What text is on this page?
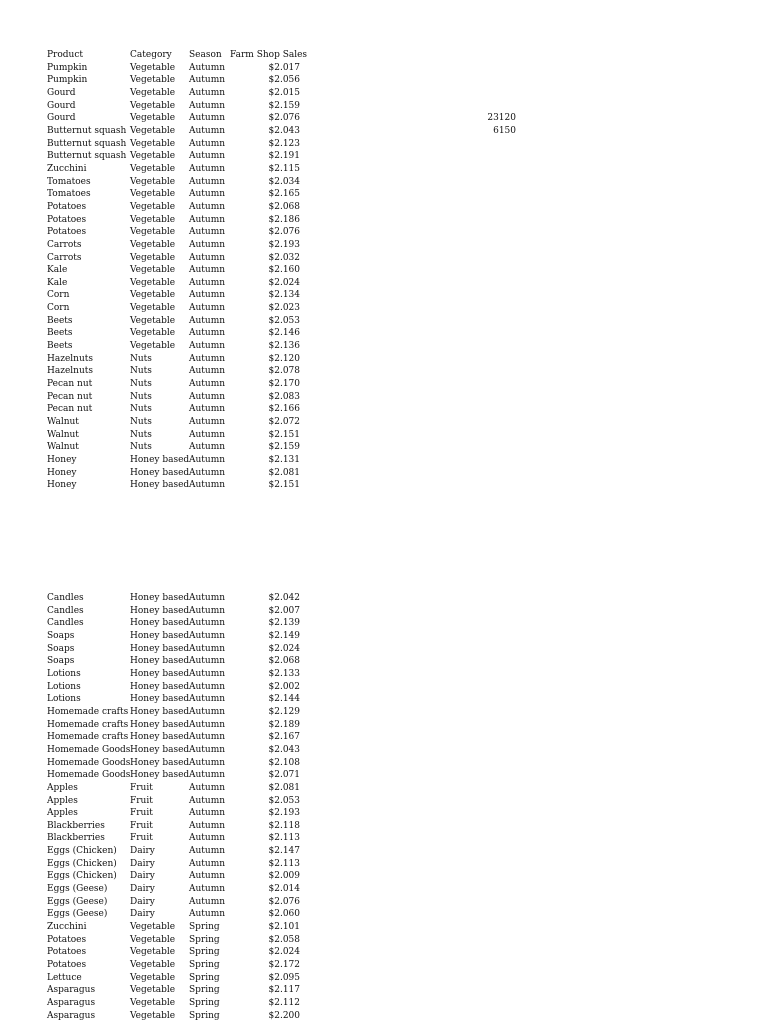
Product	Category Season Farm Shop Sales
Pumpkin	Vegetable Autumn	$2.017
Pumpkin	Vegetable Autumn	$2.056
Gourd	Vegetable Autumn	$2.015
Gourd	Vegetable Autumn	$2.159
Gourd	Vegetable Autumn	$2.076
Butternut squash Vegetable Autumn	$2.043
Butternut squash Vegetable Autumn	$2.123
Butternut squash Vegetable Autumn	$2.191
Zucchini	Vegetable Autumn	$2.115
Tomatoes	Vegetable Autumn	$2.034
Tomatoes	Vegetable Autumn	$2.165
Potatoes	Vegetable Autumn	$2.068
Potatoes	Vegetable Autumn	$2.186
Potatoes	Vegetable Autumn	$2.076
Carrots	Vegetable Autumn	$2.193
Carrots	Vegetable Autumn	$2.032
Kale	Vegetable Autumn	$2.160
Kale	Vegetable Autumn	$2.024
Corn	Vegetable Autumn	$2.134
Corn	Vegetable Autumn	$2.023
Beets	Vegetable Autumn	$2.053
Beets	Vegetable Autumn	$2.146
Beets	Vegetable Autumn	$2.136
Hazelnuts	Nuts	Autumn	$2.120
Hazelnuts	Nuts	Autumn	$2.078
Pecan nut	Nuts	Autumn	$2.170
Pecan nut	Nuts	Autumn	$2.083
Pecan nut	Nuts	Autumn	$2.166
Walnut	Nuts	Autumn	$2.072
Walnut	Nuts	Autumn	$2.151
Walnut	Nuts	Autumn	$2.159
Honey	Honey based Autumn	$2.131
Honey	Honey based Autumn	$2.081
Honey	Honey based Autumn	$2.151
23120
6150
Candles	Honey based Autumn	$2.042
Candles	Honey based Autumn	$2.007
Candles	Honey based Autumn	$2.139
Soaps	Honey based Autumn	$2.149
Soaps	Honey based Autumn	$2.024
Soaps	Honey based Autumn	$2.068
Lotions	Honey based Autumn	$2.133
Lotions	Honey based Autumn	$2.002
Lotions	Honey based Autumn	$2.144
Homemade crafts Honey based Autumn	$2.129
Homemade crafts Honey based Autumn	$2.189
Homemade crafts Honey based Autumn	$2.167
Homemade Goods Honey based Autumn	$2.043
Homemade Goods Honey based Autumn	$2.108
Homemade Goods Honey based Autumn	$2.071
Apples	Fruit	Autumn	$2.081
Apples	Fruit	Autumn	$2.053
Apples	Fruit	Autumn	$2.193
Blackberries	Fruit	Autumn	$2.118
Blackberries	Fruit	Autumn	$2.113
Eggs (Chicken) Dairy	Autumn	$2.147
Eggs (Chicken) Dairy	Autumn	$2.113
Eggs (Chicken) Dairy	Autumn	$2.009
Eggs (Geese)	Dairy	Autumn	$2.014
Eggs (Geese)	Dairy	Autumn	$2.076
Eggs (Geese)	Dairy	Autumn	$2.060
Zucchini	Vegetable Spring	$2.101
Potatoes	Vegetable Spring	$2.058
Potatoes	Vegetable Spring	$2.024
Potatoes	Vegetable Spring	$2.172
Lettuce	Vegetable Spring	$2.095
Asparagus	Vegetable Spring	$2.117
Asparagus	Vegetable Spring	$2.112
Asparagus	Vegetable Spring	$2.200
